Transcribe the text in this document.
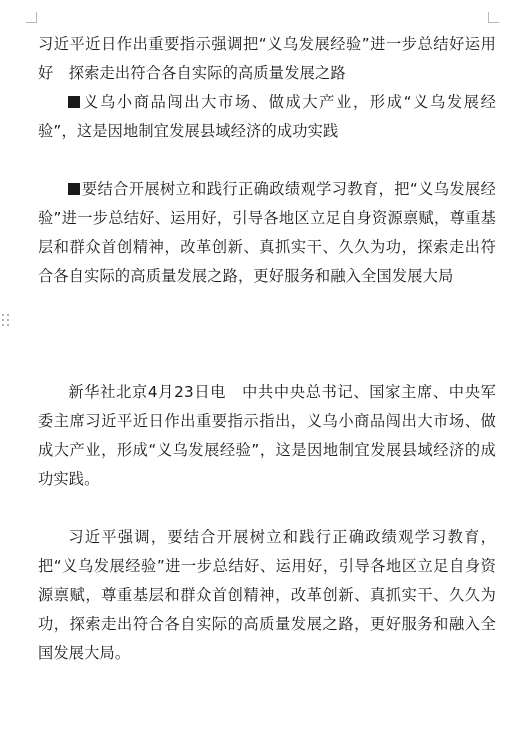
习近平近日作出重要指示强调把“义乌发展经验”进一步总结好运用好　探索走出符合各自实际的高质量发展之路

义乌小商品闯出大市场、做成大产业，形成“义乌发展经验”，这是因地制宜发展县域经济的成功实践

要结合开展树立和践行正确政绩观学习教育，把“义乌发展经验”进一步总结好、运用好，引导各地区立足自身资源禀赋，尊重基层和群众首创精神，改革创新、真抓实干、久久为功，探索走出符合各自实际的高质量发展之路，更好服务和融入全国发展大局

新华社北京4月23日电　中共中央总书记、国家主席、中央军委主席习近平近日作出重要指示指出，义乌小商品闯出大市场、做成大产业，形成“义乌发展经验”，这是因地制宜发展县域经济的成功实践。

习近平强调，要结合开展树立和践行正确政绩观学习教育，把“义乌发展经验”进一步总结好、运用好，引导各地区立足自身资源禀赋，尊重基层和群众首创精神，改革创新、真抓实干、久久为功，探索走出符合各自实际的高质量发展之路，更好服务和融入全国发展大局。
